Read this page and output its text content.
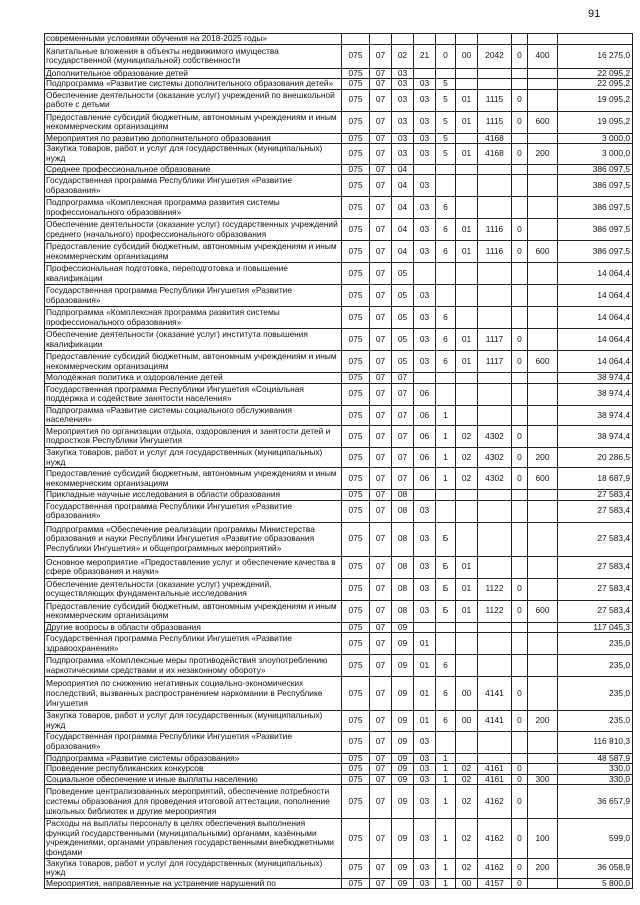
91
современными условиями обучения на 2018-2025 годы»										
Капитальные вложения в объекты недвижимого имущества государственной (муниципальной) собственности	075	07	02	21	0	00	2042	0	400	16 275,0
Дополнительное образование детей	075	07	03							22 095,2
Подпрограмма «Развитие системы дополнительного образования детей»	075	07	03	03	5					22 095,2
Обеспечение деятельности (оказание услуг) учреждений по внешкольной работе с детьми	075	07	03	03	5	01	1115	0		19 095,2
Предоставление субсидий бюджетным, автономным учреждениям и иным некоммерческим организациям	075	07	03	03	5	01	1115	0	600	19 095,2
Мероприятия по развитию дополнительного образования	075	07	03	03	5		4168			3 000,0
Закупка товаров, работ и услуг для государственных (муниципальных) нужд	075	07	03	03	5	01	4168	0	200	3 000,0
Среднее профессиональное образование	075	07	04							386 097,5
Государственная программа Республики Ингушетия «Развитие образования»	075	07	04	03						386 097,5
Подпрограмма «Комплексная программа развития системы профессионального образования»	075	07	04	03	6					386 097,5
Обеспечение деятельности (оказание услуг) государственных учреждений среднего (начального) профессионального образования	075	07	04	03	6	01	1116	0		386 097,5
Предоставление субсидий бюджетным, автономным учреждениям и иным некоммерческим организациям	075	07	04	03	6	01	1116	0	600	386 097,5
Профессиональная подготовка, переподготовка и повышение квалификации	075	07	05							14 064,4
Государственная программа Республики Ингушетия «Развитие образования»	075	07	05	03						14 064,4
Подпрограмма «Комплексная программа развития системы профессионального образования»	075	07	05	03	6					14 064,4
Обеспечение деятельности (оказание услуг) института повышения квалификации	075	07	05	03	6	01	1117	0		14 064,4
Предоставление субсидий бюджетным, автономным учреждениям и иным некоммерческим организациям	075	07	05	03	6	01	1117	0	600	14 064,4
Молодёжная политика и оздоровление детей	075	07	07							38 974,4
Государственная программа Республики Ингушетия «Социальная поддержка и содействие занятости населения»	075	07	07	06						38 974,4
Подпрограмма «Развитие системы социального обслуживания населения»	075	07	07	06	1					38 974,4
Мероприятия по организации отдыха, оздоровления и занятости детей и подростков Республики Ингушетия	075	07	07	06	1	02	4302	0		38 974,4
Закупка товаров, работ и услуг для государственных (муниципальных) нужд	075	07	07	06	1	02	4302	0	200	20 286,5
Предоставление субсидий бюджетным, автономным учреждениям и иным некоммерческим организациям	075	07	07	06	1	02	4302	0	600	18 687,9
Прикладные научные исследования в области образования	075	07	08							27 583,4
Государственная программа Республики Ингушетия «Развитие образования»	075	07	08	03						27 583,4
Подпрограмма «Обеспечение реализации программы Министерства образования и науки Республики Ингушетия «Развитие образования Республики Ингушетия» и общепрограммных мероприятий»	075	07	08	03	Б					27 583,4
Основное мероприятие «Предоставление услуг и обеспечение качества в сфере образования и науки»	075	07	08	03	Б	01				27 583,4
Обеспечение деятельности (оказание услуг) учреждений, осуществляющих фундаментальные исследования	075	07	08	03	Б	01	1122	0		27 583,4
Предоставление субсидий бюджетным, автономным учреждениям и иным некоммерческим организациям	075	07	08	03	Б	01	1122	0	600	27 583,4
Другие вопросы в области образования	075	07	09							117 045,3
Государственная программа Республики Ингушетия «Развитие здравоохранения»	075	07	09	01						235,0
Подпрограмма «Комплексные меры противодействия злоупотреблению наркотическими средствами и их незаконному обороту»	075	07	09	01	6					235,0
Мероприятия по снижению негативных социально-экономических последствий, вызванных распространением наркомании в Республике Ингушетия	075	07	09	01	6	00	4141	0		235,0
Закупка товаров, работ и услуг для государственных (муниципальных) нужд	075	07	09	01	6	00	4141	0	200	235,0
Государственная программа Республики Ингушетия «Развитие образования»	075	07	09	03						116 810,3
Подпрограмма «Развитие системы образования»	075	07	09	03	1					48 587,9
Проведение республиканских конкурсов	075	07	09	03	1	02	4161	0		330,0
Социальное обеспечение и иные выплаты населению	075	07	09	03	1	02	4161	0	300	330,0
Проведение централизованных мероприятий, обеспечение потребности системы образования для проведения итоговой аттестации, пополнение школьных библиотек и другие мероприятия	075	07	09	03	1	02	4162	0		36 657,9
Расходы на выплаты персоналу в целях обеспечения выполнения функций государственными (муниципальными) органами, казёнными учреждениями, органами управления государственными внебюджетными фондами	075	07	09	03	1	02	4162	0	100	599,0
Закупка товаров, работ и услуг для государственных (муниципальных) нужд	075	07	09	03	1	02	4162	0	200	36 058,9
Мероприятия, направленные на устранение нарушений по	075	07	09	03	1	00	4157	0		5 800,0
